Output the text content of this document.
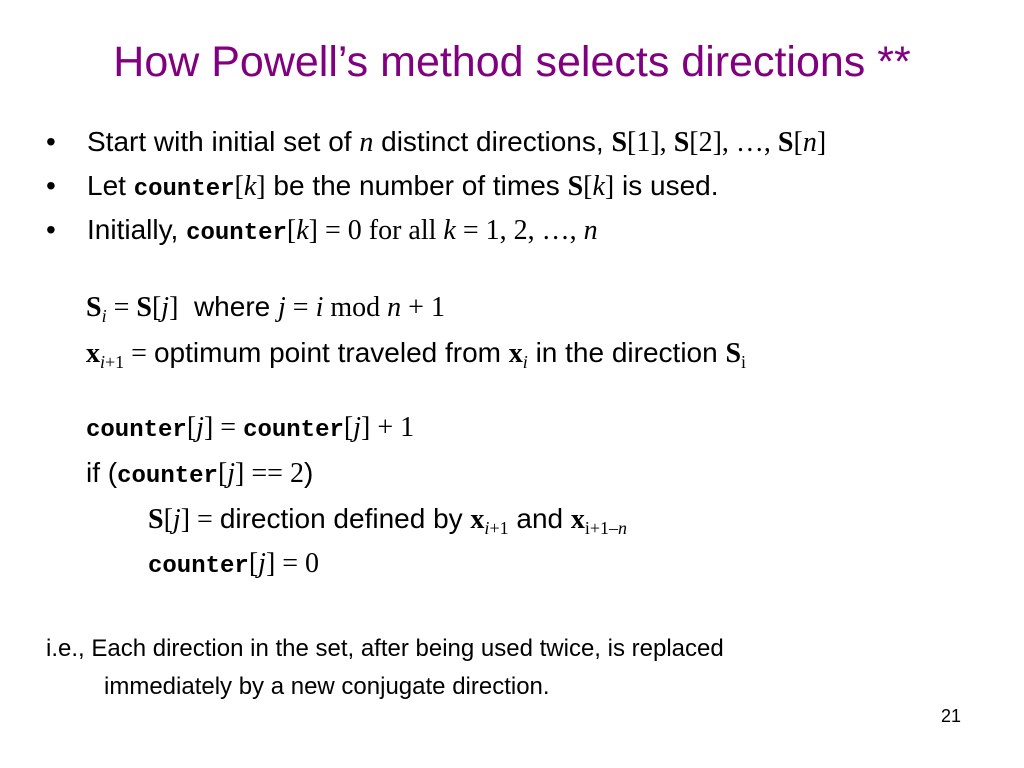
How Powell’s method selects directions **
• Start with initial set of n distinct directions, S[1], S[2], …, S[n]
• Let counter[k] be the number of times S[k] is used.
• Initially, counter[k] = 0 for all k = 1, 2, …, n
$S_i = S[j]$  where j = i mod n + 1
$x_{i+1}$ = optimum point traveled from $x_i$ in the direction $S_i$
counter[j] = counter[j] + 1
if (counter[j] == 2)
S[j] = direction defined by $x_{i+1}$ and $x_{i+1-n}$
counter[j] = 0
i.e., Each direction in the set, after being used twice, is replaced
immediately by a new conjugate direction.
21
